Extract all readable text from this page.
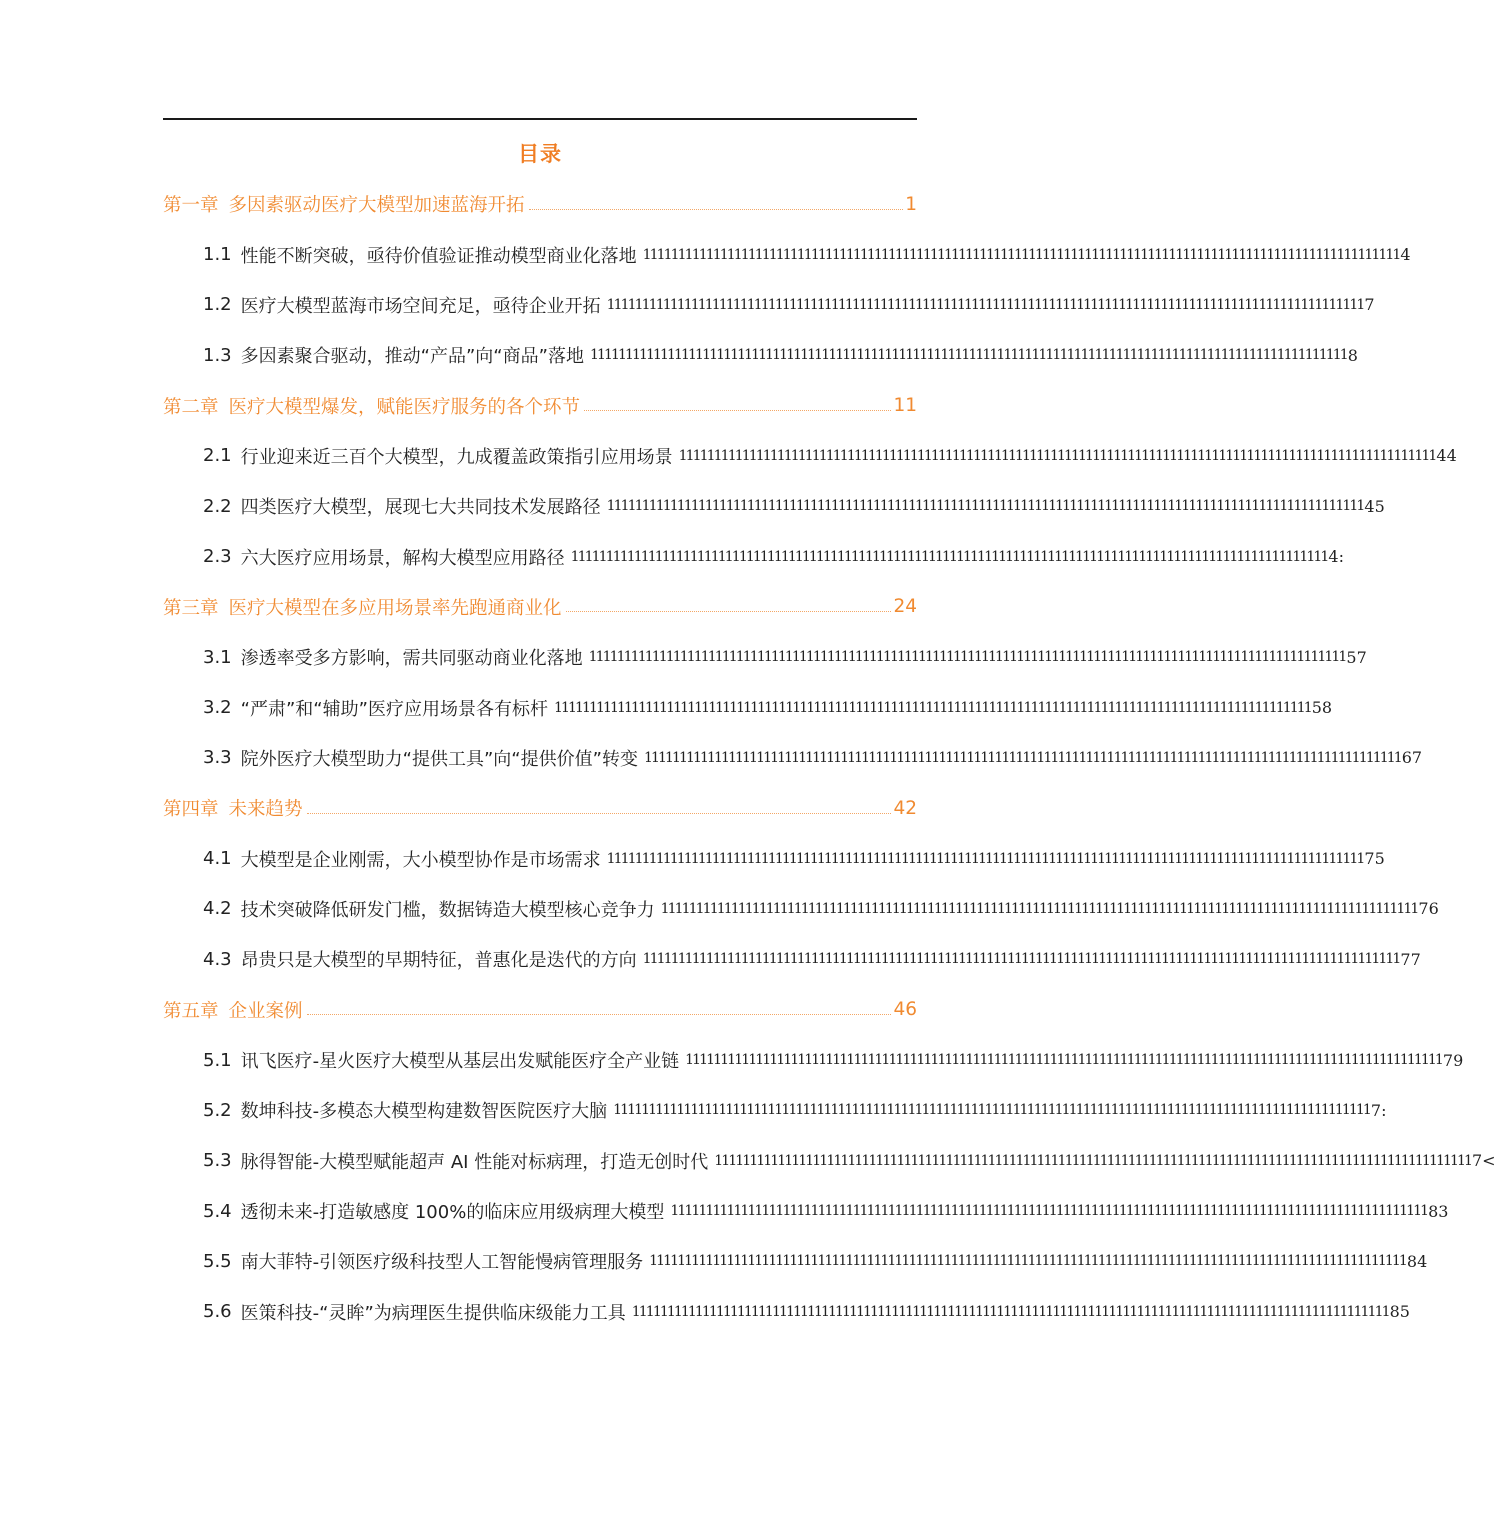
目录
第一章 多因素驱动医疗大模型加速蓝海开拓	1
1.1 性能不断突破，亟待价值验证推动模型商业化落地 111111111111111111111111111111111111111111111111111111111111111111111111111111111111111111111111111111111111 4
1.2 医疗大模型蓝海市场空间充足，亟待企业开拓 111111111111111111111111111111111111111111111111111111111111111111111111111111111111111111111111111111111111 7
1.3 多因素聚合驱动，推动“产品”向“商品”落地 111111111111111111111111111111111111111111111111111111111111111111111111111111111111111111111111111111111111 8
第二章 医疗大模型爆发，赋能医疗服务的各个环节	11
2.1 行业迎来近三百个大模型，九成覆盖政策指引应用场景 111111111111111111111111111111111111111111111111111111111111111111111111111111111111111111111111111111111111 44
2.2 四类医疗大模型，展现七大共同技术发展路径 111111111111111111111111111111111111111111111111111111111111111111111111111111111111111111111111111111111111 45
2.3 六大医疗应用场景，解构大模型应用路径 111111111111111111111111111111111111111111111111111111111111111111111111111111111111111111111111111111111111 4:
第三章 医疗大模型在多应用场景率先跑通商业化	24
3.1 渗透率受多方影响，需共同驱动商业化落地 111111111111111111111111111111111111111111111111111111111111111111111111111111111111111111111111111111111111 57
3.2 “严肃”和“辅助”医疗应用场景各有标杆 111111111111111111111111111111111111111111111111111111111111111111111111111111111111111111111111111111111111 58
3.3 院外医疗大模型助力“提供工具”向“提供价值”转变 111111111111111111111111111111111111111111111111111111111111111111111111111111111111111111111111111111111111 67
第四章 未来趋势	42
4.1 大模型是企业刚需，大小模型协作是市场需求 111111111111111111111111111111111111111111111111111111111111111111111111111111111111111111111111111111111111 75
4.2 技术突破降低研发门槛，数据铸造大模型核心竞争力 111111111111111111111111111111111111111111111111111111111111111111111111111111111111111111111111111111111111 76
4.3 昂贵只是大模型的早期特征，普惠化是迭代的方向 111111111111111111111111111111111111111111111111111111111111111111111111111111111111111111111111111111111111 77
第五章 企业案例	46
5.1 讯飞医疗-星火医疗大模型从基层出发赋能医疗全产业链 111111111111111111111111111111111111111111111111111111111111111111111111111111111111111111111111111111111111 79
5.2 数坤科技-多模态大模型构建数智医院医疗大脑 111111111111111111111111111111111111111111111111111111111111111111111111111111111111111111111111111111111111 7:
5.3 脉得智能-大模型赋能超声 AI 性能对标病理，打造无创时代 111111111111111111111111111111111111111111111111111111111111111111111111111111111111111111111111111111111111 7<
5.4 透彻未来-打造敏感度 100%的临床应用级病理大模型 111111111111111111111111111111111111111111111111111111111111111111111111111111111111111111111111111111111111 83
5.5 南大菲特-引领医疗级科技型人工智能慢病管理服务 111111111111111111111111111111111111111111111111111111111111111111111111111111111111111111111111111111111111 84
5.6 医策科技-“灵眸”为病理医生提供临床级能力工具 111111111111111111111111111111111111111111111111111111111111111111111111111111111111111111111111111111111111 85
